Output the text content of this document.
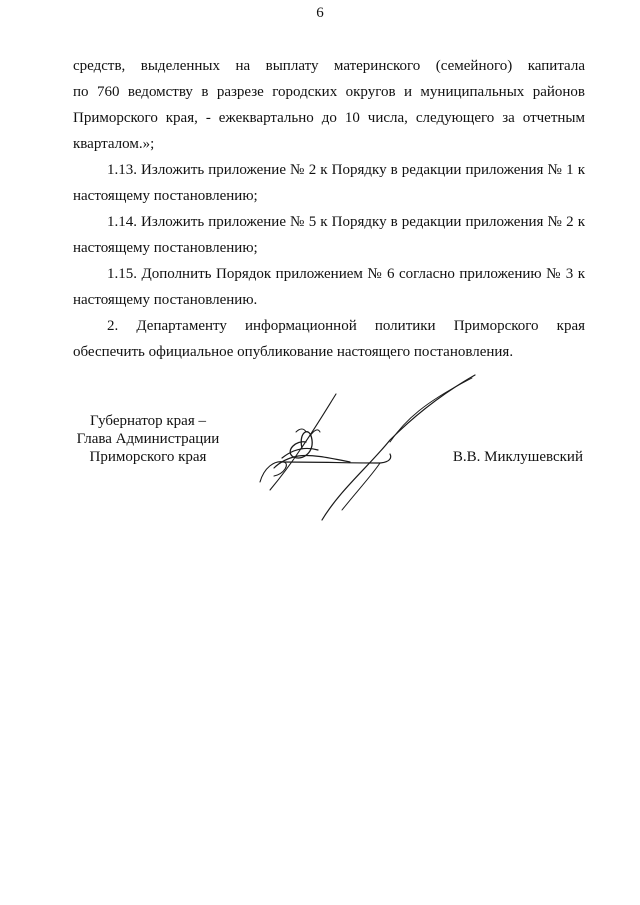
6

средств, выделенных на выплату материнского (семейного) капитала

по 760 ведомству в разрезе городских округов и муниципальных районов

Приморского края, - ежеквартально до 10 числа, следующего за отчетным

кварталом.»;

1.13. Изложить приложение № 2 к Порядку в редакции приложения № 1 к настоящему постановлению;

1.14. Изложить приложение № 5 к Порядку в редакции приложения № 2 к настоящему постановлению;

1.15. Дополнить Порядок приложением № 6 согласно приложению № 3 к настоящему постановлению.

2. Департаменту информационной политики Приморского края обеспечить официальное опубликование настоящего постановления.

Губернатор края –
Глава Администрации
Приморского края	В.В. Миклушевский
